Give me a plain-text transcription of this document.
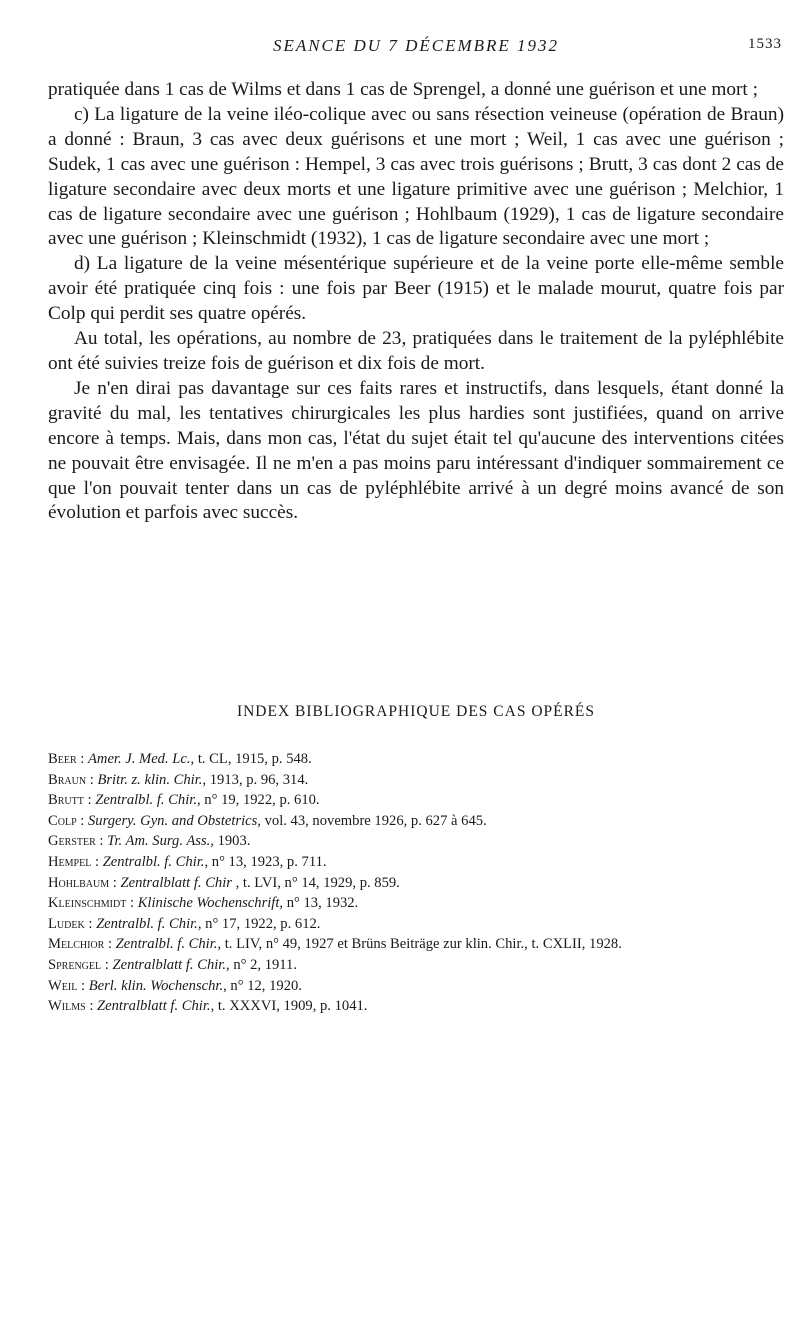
SEANCE DU 7 DÉCEMBRE 1932	1533

pratiquée dans 1 cas de Wilms et dans 1 cas de Sprengel, a donné une guérison et une mort ;

c) La ligature de la veine iléo-colique avec ou sans résection veineuse (opération de Braun) a donné : Braun, 3 cas avec deux guérisons et une mort ; Weil, 1 cas avec une guérison ; Sudek, 1 cas avec une guérison : Hempel, 3 cas avec trois guérisons ; Brutt, 3 cas dont 2 cas de ligature secondaire avec deux morts et une ligature primitive avec une guérison ; Melchior, 1 cas de ligature secondaire avec une guérison ; Hohlbaum (1929), 1 cas de ligature secondaire avec une guérison ; Kleinschmidt (1932), 1 cas de ligature secondaire avec une mort ;

d) La ligature de la veine mésentérique supérieure et de la veine porte elle-même semble avoir été pratiquée cinq fois : une fois par Beer (1915) et le malade mourut, quatre fois par Colp qui perdit ses quatre opérés.

Au total, les opérations, au nombre de 23, pratiquées dans le traitement de la pyléphlébite ont été suivies treize fois de guérison et dix fois de mort.

Je n'en dirai pas davantage sur ces faits rares et instructifs, dans lesquels, étant donné la gravité du mal, les tentatives chirurgicales les plus hardies sont justifiées, quand on arrive encore à temps. Mais, dans mon cas, l'état du sujet était tel qu'aucune des interventions citées ne pouvait être envisagée. Il ne m'en a pas moins paru intéressant d'indiquer sommairement ce que l'on pouvait tenter dans un cas de pyléphlébite arrivé à un degré moins avancé de son évolution et parfois avec succès.

INDEX BIBLIOGRAPHIQUE DES CAS OPÉRÉS

Beer : Amer. J. Med. Lc., t. CL, 1915, p. 548.

Braun : Britr. z. klin. Chir., 1913, p. 96, 314.

Brutt : Zentralbl. f. Chir., n° 19, 1922, p. 610.

Colp : Surgery. Gyn. and Obstetrics, vol. 43, novembre 1926, p. 627 à 645.

Gerster : Tr. Am. Surg. Ass., 1903.

Hempel : Zentralbl. f. Chir., n° 13, 1923, p. 711.

Hohlbaum : Zentralblatt f. Chir , t. LVI, n° 14, 1929, p. 859.

Kleinschmidt : Klinische Wochenschrift, n° 13, 1932.

Ludek : Zentralbl. f. Chir., n° 17, 1922, p. 612.

Melchior : Zentralbl. f. Chir., t. LIV, n° 49, 1927 et Brüns Beiträge zur klin. Chir., t. CXLII, 1928.

Sprengel : Zentralblatt f. Chir., n° 2, 1911.

Weil : Berl. klin. Wochenschr., n° 12, 1920.

Wilms : Zentralblatt f. Chir., t. XXXVI, 1909, p. 1041.
